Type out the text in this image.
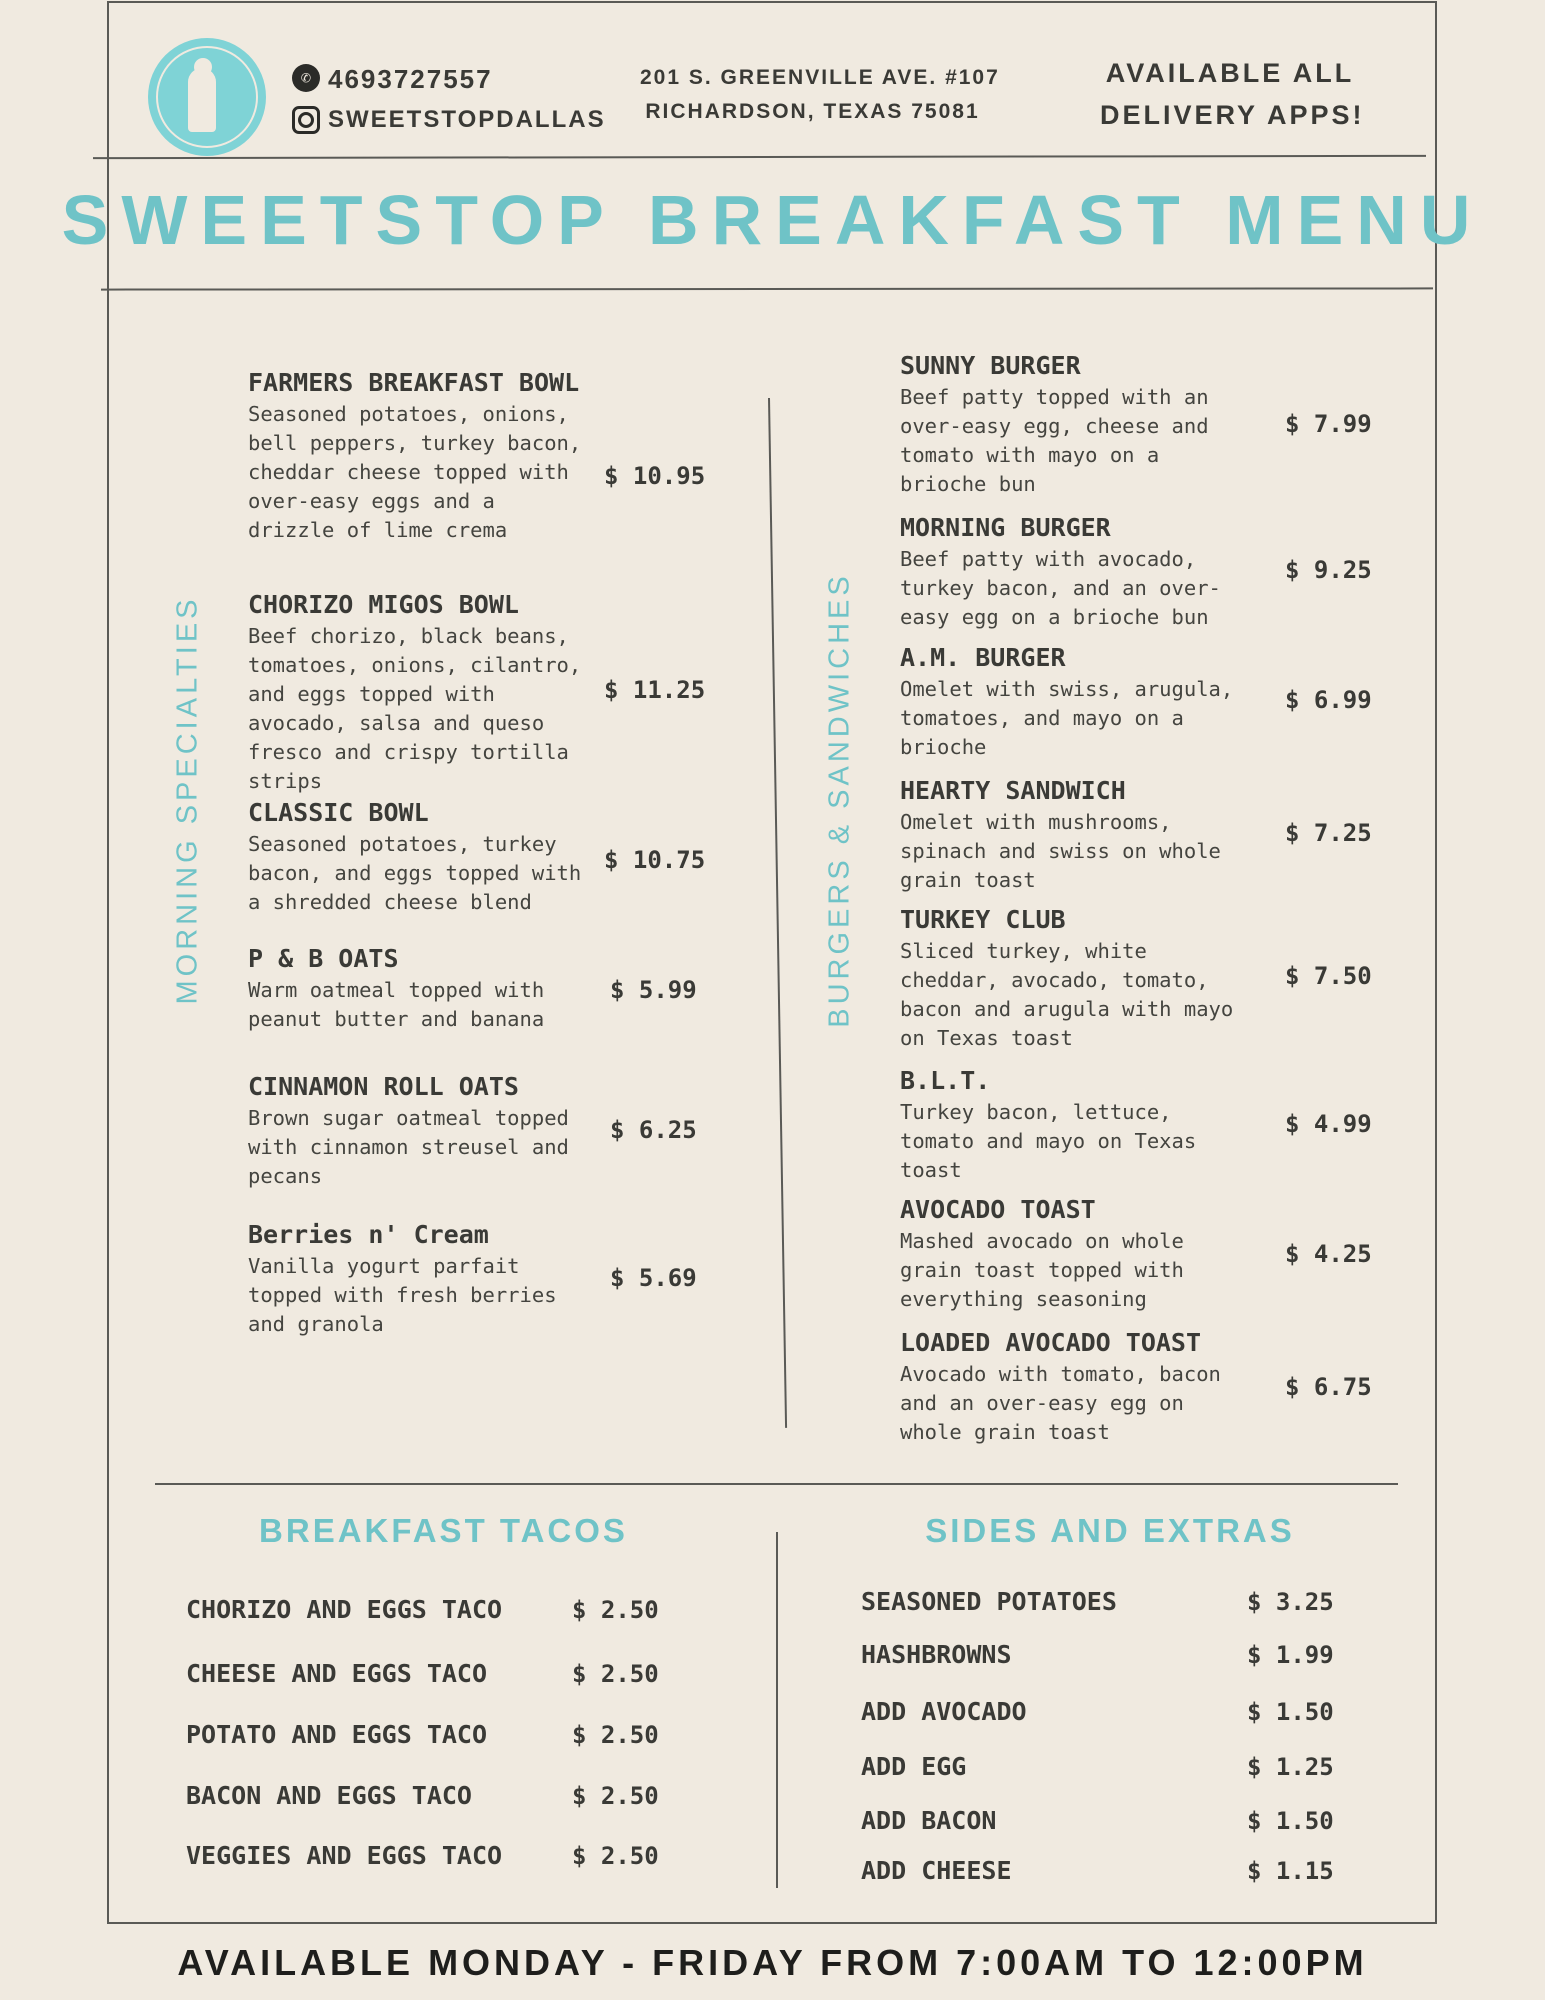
✆ 4693727557
SWEETSTOPDALLAS
201 S. GREENVILLE AVE. #107
RICHARDSON, TEXAS 75081
AVAILABLE ALL
DELIVERY APPS!
SWEETSTOP BREAKFAST MENU
MORNING SPECIALTIES	BURGERS & SANDWICHES
FARMERS BREAKFAST BOWL
Seasoned potatoes, onions, bell peppers, turkey bacon, cheddar cheese topped with over-easy eggs and a drizzle of lime crema
$ 10.95
CHORIZO MIGOS BOWL
Beef chorizo, black beans, tomatoes, onions, cilantro, and eggs topped with avocado, salsa and queso fresco and crispy tortilla strips
$ 11.25
CLASSIC BOWL
Seasoned potatoes, turkey bacon, and eggs topped with a shredded cheese blend
$ 10.75
P & B OATS
Warm oatmeal topped with peanut butter and banana
$ 5.99
CINNAMON ROLL OATS
Brown sugar oatmeal topped with cinnamon streusel and pecans
$ 6.25
Berries n' Cream
Vanilla yogurt parfait topped with fresh berries and granola
$ 5.69
SUNNY BURGER
Beef patty topped with an over-easy egg, cheese and tomato with mayo on a brioche bun
$ 7.99
MORNING BURGER
Beef patty with avocado, turkey bacon, and an over-easy egg on a brioche bun
$ 9.25
A.M. BURGER
Omelet with swiss, arugula, tomatoes, and mayo on a brioche
$ 6.99
HEARTY SANDWICH
Omelet with mushrooms, spinach and swiss on whole grain toast
$ 7.25
TURKEY CLUB
Sliced turkey, white cheddar, avocado, tomato, bacon and arugula with mayo on Texas toast
$ 7.50
B.L.T.
Turkey bacon, lettuce, tomato and mayo on Texas toast
$ 4.99
AVOCADO TOAST
Mashed avocado on whole grain toast topped with everything seasoning
$ 4.25
LOADED AVOCADO TOAST
Avocado with tomato, bacon and an over-easy egg on whole grain toast
$ 6.75
BREAKFAST TACOS	SIDES AND EXTRAS
CHORIZO AND EGGS TACO	$ 2.50
CHEESE AND EGGS TACO	$ 2.50
POTATO AND EGGS TACO	$ 2.50
BACON AND EGGS TACO	$ 2.50
VEGGIES AND EGGS TACO	$ 2.50
SEASONED POTATOES	$ 3.25
HASHBROWNS	$ 1.99
ADD AVOCADO	$ 1.50
ADD EGG	$ 1.25
ADD BACON	$ 1.50
ADD CHEESE	$ 1.15
AVAILABLE MONDAY - FRIDAY FROM 7:00AM TO 12:00PM
